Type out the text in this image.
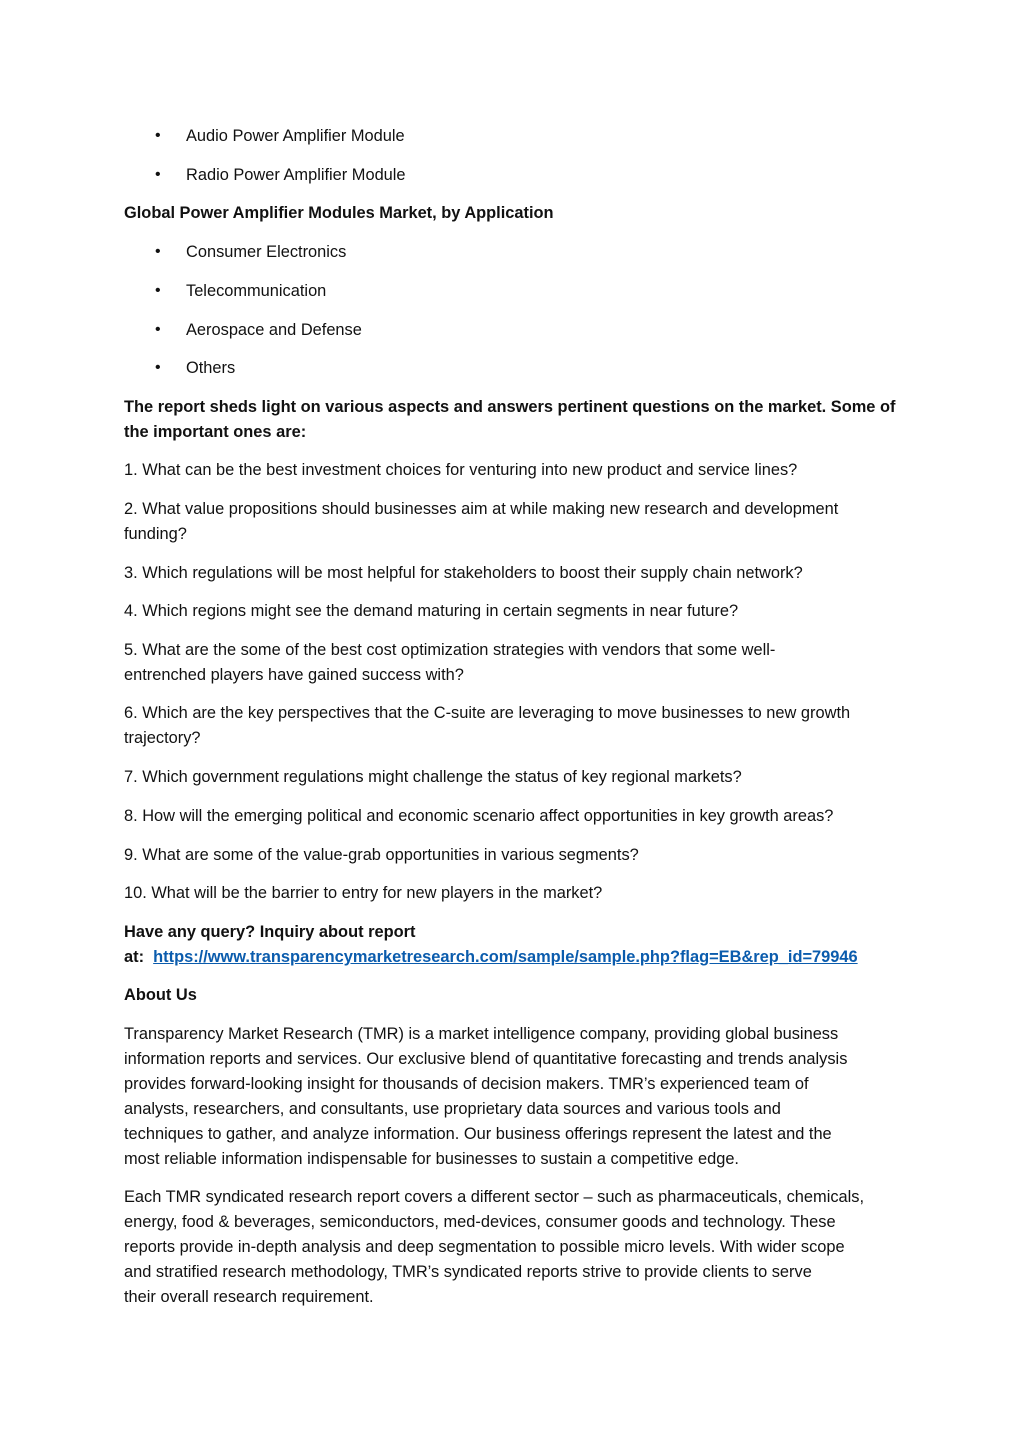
• Audio Power Amplifier Module
• Radio Power Amplifier Module
Global Power Amplifier Modules Market, by Application
• Consumer Electronics
• Telecommunication
• Aerospace and Defense
• Others
The report sheds light on various aspects and answers pertinent questions on the market. Some of
the important ones are:
1. What can be the best investment choices for venturing into new product and service lines?
2. What value propositions should businesses aim at while making new research and development
funding?
3. Which regulations will be most helpful for stakeholders to boost their supply chain network?
4. Which regions might see the demand maturing in certain segments in near future?
5. What are the some of the best cost optimization strategies with vendors that some well-
entrenched players have gained success with?
6. Which are the key perspectives that the C-suite are leveraging to move businesses to new growth
trajectory?
7. Which government regulations might challenge the status of key regional markets?
8. How will the emerging political and economic scenario affect opportunities in key growth areas?
9. What are some of the value-grab opportunities in various segments?
10. What will be the barrier to entry for new players in the market?
Have any query? Inquiry about report
at: https://www.transparencymarketresearch.com/sample/sample.php?flag=EB&rep_id=79946
About Us
Transparency Market Research (TMR) is a market intelligence company, providing global business
information reports and services. Our exclusive blend of quantitative forecasting and trends analysis
provides forward-looking insight for thousands of decision makers. TMR’s experienced team of
analysts, researchers, and consultants, use proprietary data sources and various tools and
techniques to gather, and analyze information. Our business offerings represent the latest and the
most reliable information indispensable for businesses to sustain a competitive edge.
Each TMR syndicated research report covers a different sector – such as pharmaceuticals, chemicals,
energy, food & beverages, semiconductors, med-devices, consumer goods and technology. These
reports provide in-depth analysis and deep segmentation to possible micro levels. With wider scope
and stratified research methodology, TMR’s syndicated reports strive to provide clients to serve
their overall research requirement.
